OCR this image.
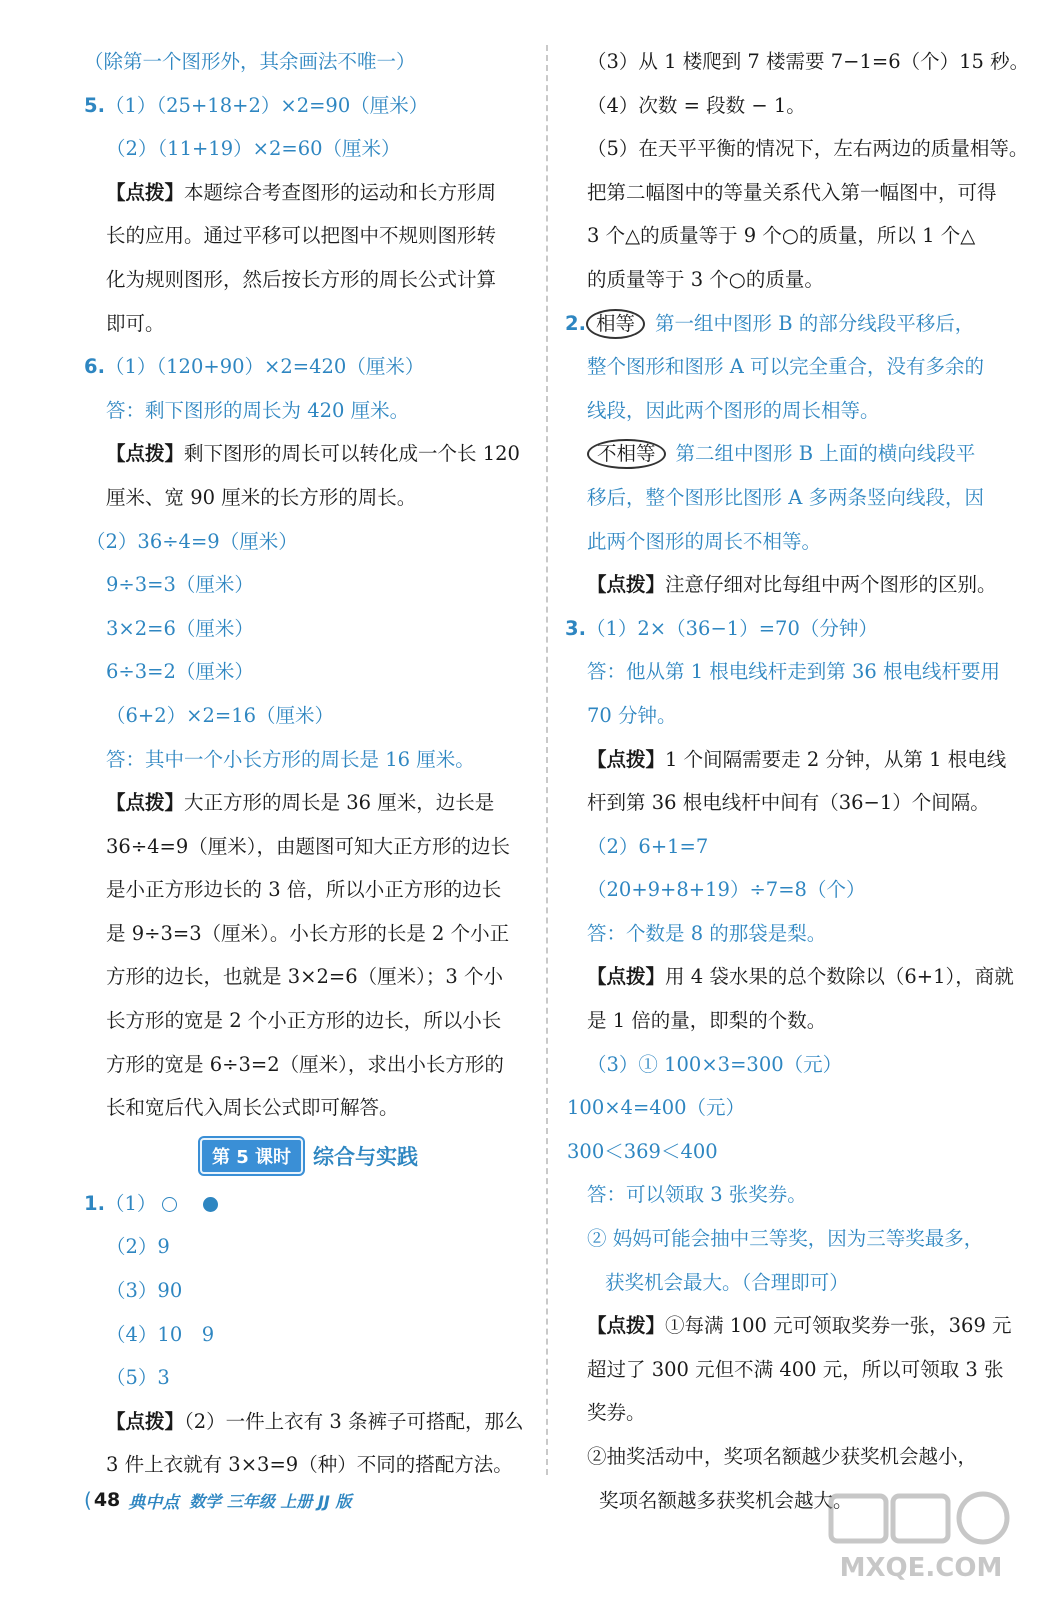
（除第一个图形外，其余画法不唯一）
5.（1）（25+18+2）×2=90（厘米）
（2）（11+19）×2=60（厘米）
【点拨】本题综合考查图形的运动和长方形周
长的应用。通过平移可以把图中不规则图形转
化为规则图形，然后按长方形的周长公式计算
即可。
6.（1）（120+90）×2=420（厘米）
答：剩下图形的周长为 420 厘米。
【点拨】剩下图形的周长可以转化成一个长 120
厘米、宽 90 厘米的长方形的周长。
（2）36÷4=9（厘米）
9÷3=3（厘米）
3×2=6（厘米）
6÷3=2（厘米）
（6+2）×2=16（厘米）
答：其中一个小长方形的周长是 16 厘米。
【点拨】大正方形的周长是 36 厘米，边长是
36÷4=9（厘米），由题图可知大正方形的边长
是小正方形边长的 3 倍，所以小正方形的边长
是 9÷3=3（厘米）。小长方形的长是 2 个小正
方形的边长，也就是 3×2=6（厘米）；3 个小
长方形的宽是 2 个小正方形的边长，所以小长
方形的宽是 6÷3=2（厘米），求出小长方形的
长和宽后代入周长公式即可解答。
第 5 课时	综合与实践
1.（1）
（2）9
（3）90
（4）10　9
（5）3
【点拨】（2）一件上衣有 3 条裤子可搭配，那么
3 件上衣就有 3×3=9（种）不同的搭配方法。
（3）从 1 楼爬到 7 楼需要 7−1=6（个）15 秒。
（4）次数 = 段数 − 1。
（5）在天平平衡的情况下，左右两边的质量相等。
把第二幅图中的等量关系代入第一幅图中，可得
3 个△的质量等于 9 个○的质量，所以 1 个△
的质量等于 3 个○的质量。
2. 相等 第一组中图形 B 的部分线段平移后，
整个图形和图形 A 可以完全重合，没有多余的
线段，因此两个图形的周长相等。
不相等 第二组中图形 B 上面的横向线段平
移后，整个图形比图形 A 多两条竖向线段，因
此两个图形的周长不相等。
【点拨】注意仔细对比每组中两个图形的区别。
3.（1）2×（36−1）=70（分钟）
答：他从第 1 根电线杆走到第 36 根电线杆要用
70 分钟。
【点拨】1 个间隔需要走 2 分钟，从第 1 根电线
杆到第 36 根电线杆中间有（36−1）个间隔。
（2）6+1=7
（20+9+8+19）÷7=8（个）
答：个数是 8 的那袋是梨。
【点拨】用 4 袋水果的总个数除以（6+1），商就
是 1 倍的量，即梨的个数。
（3）① 100×3=300（元）
100×4=400（元）
300＜369＜400
答：可以领取 3 张奖券。
② 妈妈可能会抽中三等奖，因为三等奖最多，
获奖机会最大。（合理即可）
【点拨】①每满 100 元可领取奖券一张，369 元
超过了 300 元但不满 400 元，所以可领取 3 张
奖券。
②抽奖活动中，奖项名额越少获奖机会越小，
奖项名额越多获奖机会越大。
( 48 典中点 数学 三年级 上册 JJ 版
MXQE.COM
